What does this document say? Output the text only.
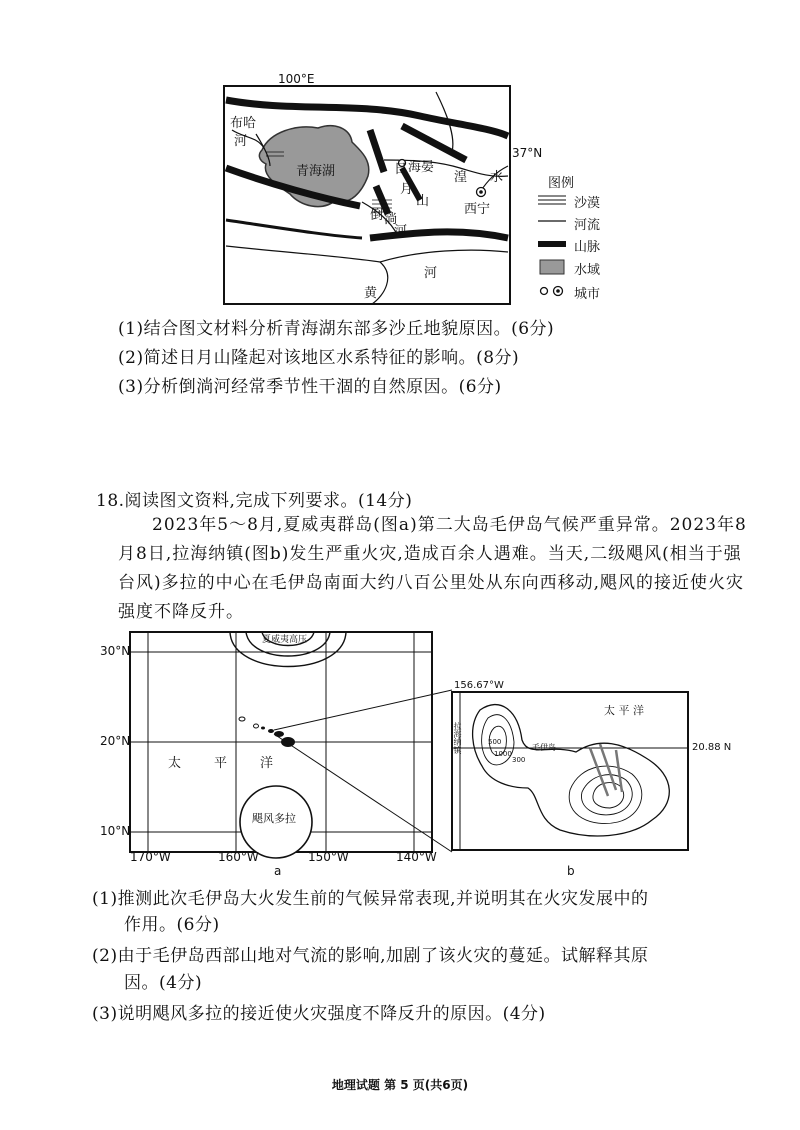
100°E
37°N
布哈
河
青海湖	日
月
山
海晏
湟 水
西宁
倒 淌
河
河
黄
图例
沙漠
河流
山脉
水域
城市
(1)结合图文材料分析青海湖东部多沙丘地貌原因。(6分)
(2)简述日月山隆起对该地区水系特征的影响。(8分)
(3)分析倒淌河经常季节性干涸的自然原因。(6分)
18.阅读图文资料,完成下列要求。(14分)
2023年5～8月,夏威夷群岛(图a)第二大岛毛伊岛气候严重异常。2023年8月8日,拉海纳镇(图b)发生严重火灾,造成百余人遇难。当天,二级飓风(相当于强台风)多拉的中心在毛伊岛南面大约八百公里处从东向西移动,飓风的接近使火灾强度不降反升。
30°N
20°N
10°N
170°W	160°W	150°W	140°W
夏威夷高压
太	平	洋
飓风多拉
a
156.67°W
20.88 N
太 平 洋
拉海纳镇	毛伊岛
500
1000
300
b
(1)推测此次毛伊岛大火发生前的气候异常表现,并说明其在火灾发展中的
作用。(6分)
(2)由于毛伊岛西部山地对气流的影响,加剧了该火灾的蔓延。试解释其原
因。(4分)
(3)说明飓风多拉的接近使火灾强度不降反升的原因。(4分)
地理试题 第 5 页(共6页)
